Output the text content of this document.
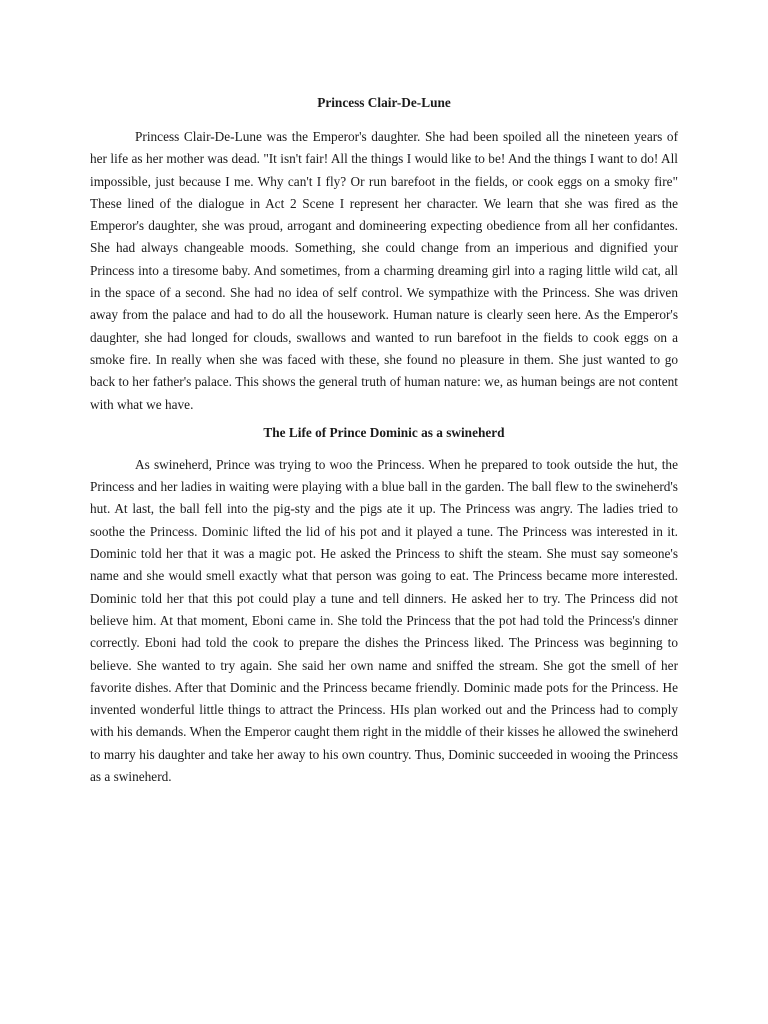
Princess Clair-De-Lune

Princess Clair-De-Lune was the Emperor's daughter. She had been spoiled all the nineteen years of her life as her mother was dead. "It isn't fair! All the things I would like to be! And the things I want to do! All impossible, just because I me. Why can't I fly? Or run barefoot in the fields, or cook eggs on a smoky fire" These lined of the dialogue in Act 2 Scene I represent her character. We learn that she was fired as the Emperor's daughter, she was proud, arrogant and domineering expecting obedience from all her confidantes. She had always changeable moods. Something, she could change from an imperious and dignified your Princess into a tiresome baby. And sometimes, from a charming dreaming girl into a raging little wild cat, all in the space of a second. She had no idea of self control. We sympathize with the Princess. She was driven away from the palace and had to do all the housework. Human nature is clearly seen here. As the Emperor's daughter, she had longed for clouds, swallows and wanted to run barefoot in the fields to cook eggs on a smoke fire. In really when she was faced with these, she found no pleasure in them. She just wanted to go back to her father's palace. This shows the general truth of human nature: we, as human beings are not content with what we have.

The Life of Prince Dominic as a swineherd

As swineherd, Prince was trying to woo the Princess. When he prepared to took outside the hut, the Princess and her ladies in waiting were playing with a blue ball in the garden. The ball flew to the swineherd's hut. At last, the ball fell into the pig-sty and the pigs ate it up. The Princess was angry. The ladies tried to soothe the Princess. Dominic lifted the lid of his pot and it played a tune. The Princess was interested in it. Dominic told her that it was a magic pot. He asked the Princess to shift the steam. She must say someone's name and she would smell exactly what that person was going to eat. The Princess became more interested. Dominic told her that this pot could play a tune and tell dinners. He asked her to try. The Princess did not believe him. At that moment, Eboni came in. She told the Princess that the pot had told the Princess's dinner correctly. Eboni had told the cook to prepare the dishes the Princess liked. The Princess was beginning to believe. She wanted to try again. She said her own name and sniffed the stream. She got the smell of her favorite dishes. After that Dominic and the Princess became friendly. Dominic made pots for the Princess. He invented wonderful little things to attract the Princess. HIs plan worked out and the Princess had to comply with his demands. When the Emperor caught them right in the middle of their kisses he allowed the swineherd to marry his daughter and take her away to his own country. Thus, Dominic succeeded in wooing the Princess as a swineherd.
